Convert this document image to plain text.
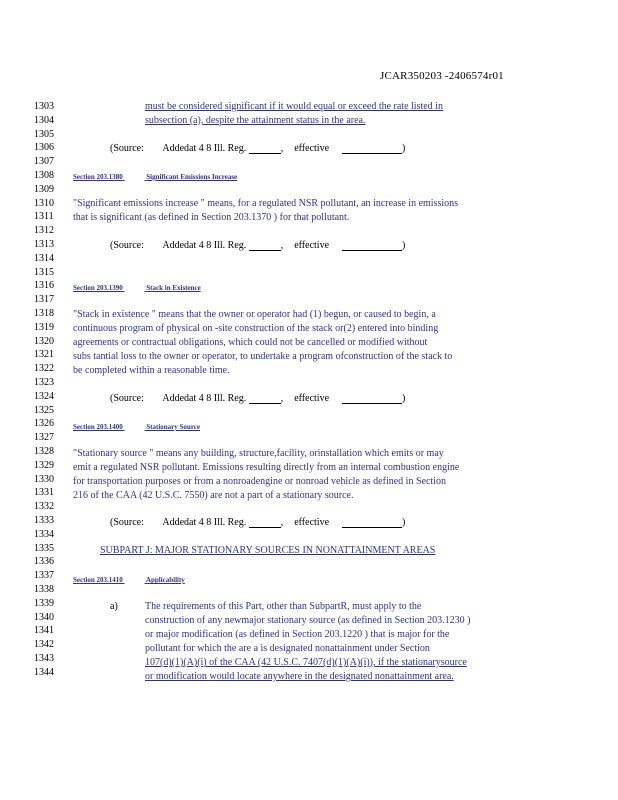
JCAR350203 -2406574r01
1303
1304
1305
1306
1307
1308
1309
1310
1311
1312
1313
1314
1315
1316
1317
1318
1319
1320
1321
1322
1323
1324
1325
1326
1327
1328
1329
1330
1331
1332
1333
1334
1335
1336
1337
1338
1339
1340
1341
1342
1343
1344
must be considered significant if it would equal or exceed the rate listed in
subsection (a), despite the attainment status in the area.
(Source: Addedat 4 8 Ill. Reg.	, effective	)
Section 203.1380	Significant Emissions Increase
"Significant emissions increase " means, for a regulated NSR pollutant, an increase in emissions
that is significant (as defined in Section 203.1370 ) for that pollutant.
(Source: Addedat 4 8 Ill. Reg.	, effective	)
Section 203.1390	Stack in Existence
"Stack in existence " means that the owner or operator had (1) begun, or caused to begin, a
continuous program of physical on -site construction of the stack or(2) entered into binding
agreements or contractual obligations, which could not be cancelled or modified without
subs tantial loss to the owner or operator, to undertake a program ofconstruction of the stack to
be completed within a reasonable time.
(Source: Addedat 4 8 Ill. Reg.	, effective	)
Section 203.1400	Stationary Source
"Stationary source " means any building, structure,facility, orinstallation which emits or may
emit a regulated NSR pollutant. Emissions resulting directly from an internal combustion engine
for transportation purposes or from a nonroadengine or nonroad vehicle as defined in Section
216 of the CAA (42 U.S.C. 7550) are not a part of a stationary source.
(Source: Addedat 4 8 Ill. Reg.	, effective	)
SUBPART J: MAJOR STATIONARY SOURCES IN NONATTAINMENT AREAS
Section 203.1410	Applicability
a)	The requirements of this Part, other than SubpartR, must apply to the
construction of any newmajor stationary source (as defined in Section 203.1230 )
or major modification (as defined in Section 203.1220 ) that is major for the
pollutant for which the are a is designated nonattainment under Section
107(d)(1)(A)(i) of the CAA (42 U.S.C. 7407(d)(1)(A)(i)), if the stationarysource
or modification would locate anywhere in the designated nonattainment area.
